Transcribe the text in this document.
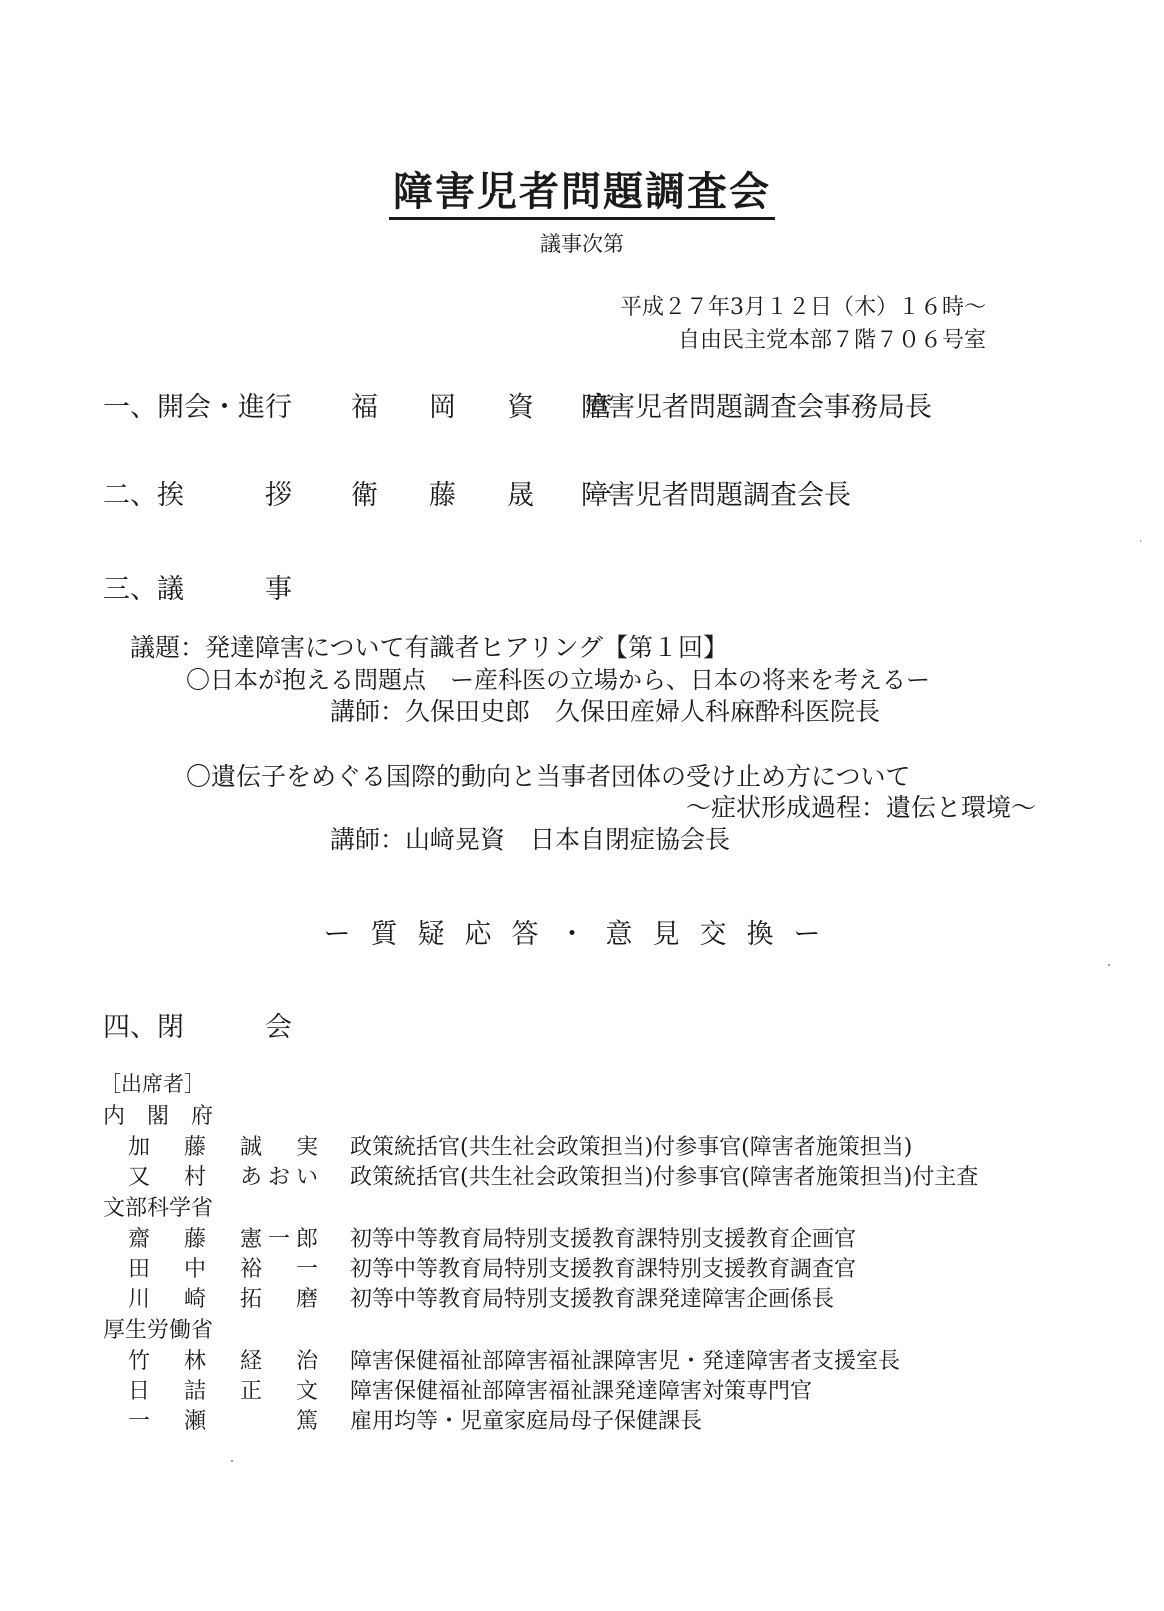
障害児者問題調査会
議事次第
平成２７年3月１２日（木）１６時～
自由民主党本部７階７０６号室
一、開会・進行 福　岡　資　麿障害児者問題調査会事務局長
二、挨　　　拶 衛　藤　晟　一障害児者問題調査会長
三、議　　　事
議題：発達障害について有識者ヒアリング【第１回】
〇日本が抱える問題点　ー産科医の立場から、日本の将来を考えるー
講師：久保田史郎　久保田産婦人科麻酔科医院長
〇遺伝子をめぐる国際的動向と当事者団体の受け止め方について
～症状形成過程：遺伝と環境～
講師：山﨑晃資　日本自閉症協会長
ー質疑応答・意見交換ー
四、閉　　　会
［出席者］
内　閣　府
加　藤　誠　実 政策統括官(共生社会政策担当)付参事官(障害者施策担当)
又　村　あおい 政策統括官(共生社会政策担当)付参事官(障害者施策担当)付主査
文部科学省
齋　藤　憲一郎 初等中等教育局特別支援教育課特別支援教育企画官
田　中　裕　一 初等中等教育局特別支援教育課特別支援教育調査官
川　崎　拓　磨 初等中等教育局特別支援教育課発達障害企画係長
厚生労働省
竹　林　経　治 障害保健福祉部障害福祉課障害児・発達障害者支援室長
日　詰　正　文 障害保健福祉部障害福祉課発達障害対策専門官
一　瀬　　　篤 雇用均等・児童家庭局母子保健課長
